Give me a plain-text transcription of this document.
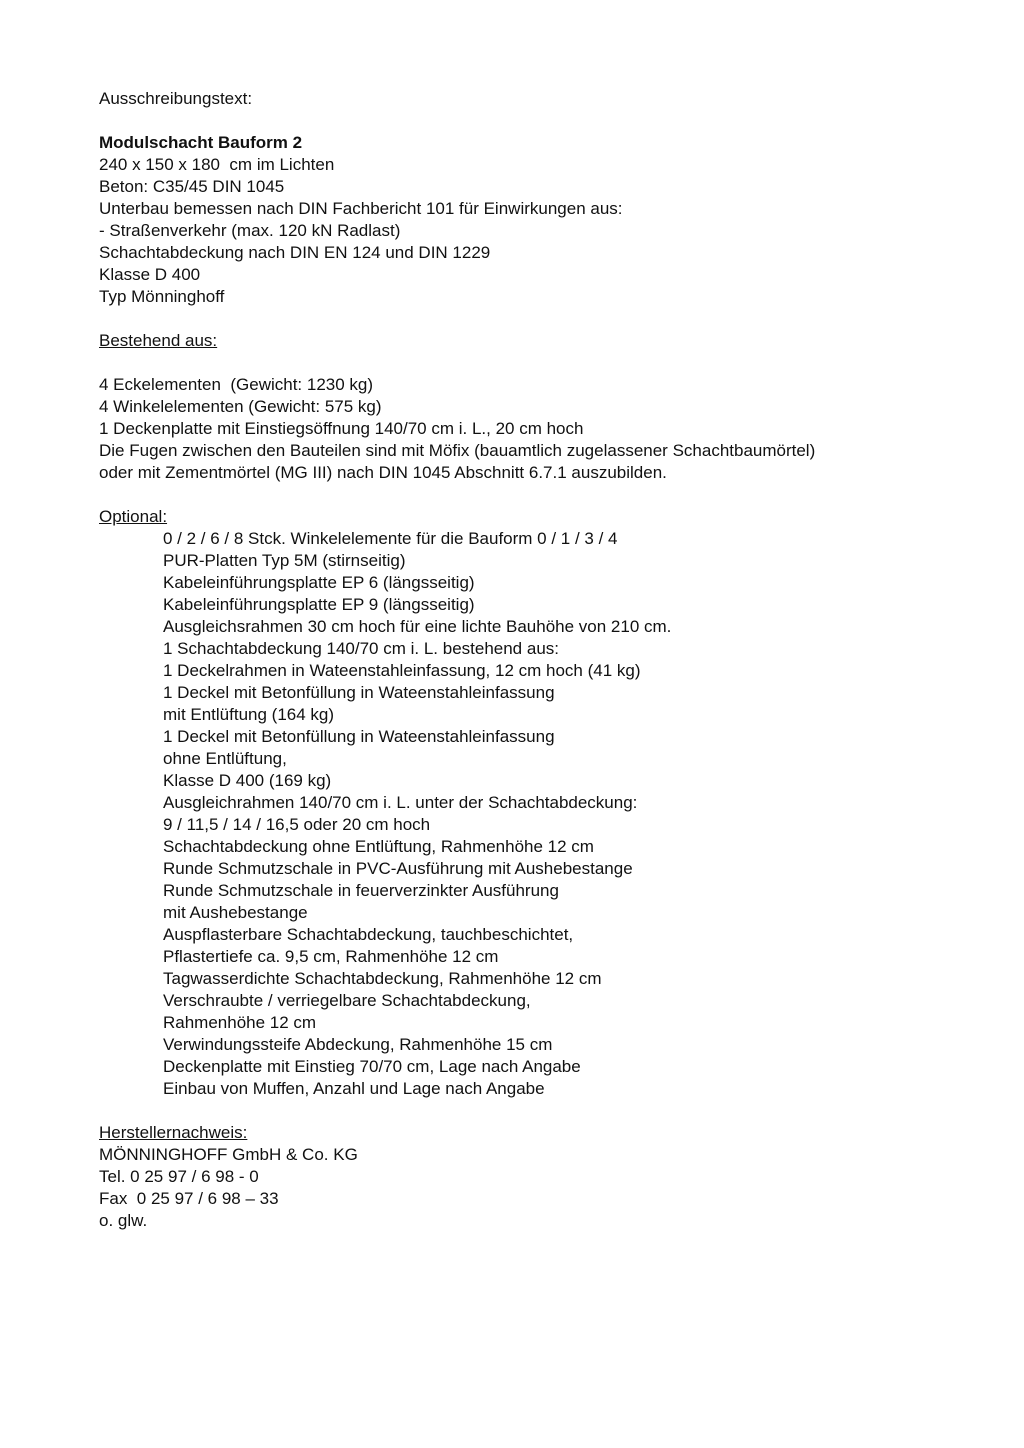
Ausschreibungstext:
Modulschacht Bauform 2
240 x 150 x 180  cm im Lichten
Beton: C35/45 DIN 1045
Unterbau bemessen nach DIN Fachbericht 101 für Einwirkungen aus:
- Straßenverkehr (max. 120 kN Radlast)
Schachtabdeckung nach DIN EN 124 und DIN 1229
Klasse D 400
Typ Mönninghoff
Bestehend aus:
4 Eckelementen  (Gewicht: 1230 kg)
4 Winkelelementen (Gewicht: 575 kg)
1 Deckenplatte mit Einstiegsöffnung 140/70 cm i. L., 20 cm hoch
Die Fugen zwischen den Bauteilen sind mit Möfix (bauamtlich zugelassener Schachtbaumörtel)
oder mit Zementmörtel (MG III) nach DIN 1045 Abschnitt 6.7.1 auszubilden.
Optional:
0 / 2 / 6 / 8 Stck. Winkelelemente für die Bauform 0 / 1 / 3 / 4
PUR-Platten Typ 5M (stirnseitig)
Kabeleinführungsplatte EP 6 (längsseitig)
Kabeleinführungsplatte EP 9 (längsseitig)
Ausgleichsrahmen 30 cm hoch für eine lichte Bauhöhe von 210 cm.
1 Schachtabdeckung 140/70 cm i. L. bestehend aus:
1 Deckelrahmen in Wateenstahleinfassung, 12 cm hoch (41 kg)
1 Deckel mit Betonfüllung in Wateenstahleinfassung
mit Entlüftung (164 kg)
1 Deckel mit Betonfüllung in Wateenstahleinfassung
ohne Entlüftung,
Klasse D 400 (169 kg)
Ausgleichrahmen 140/70 cm i. L. unter der Schachtabdeckung:
9 / 11,5 / 14 / 16,5 oder 20 cm hoch
Schachtabdeckung ohne Entlüftung, Rahmenhöhe 12 cm
Runde Schmutzschale in PVC-Ausführung mit Aushebestange
Runde Schmutzschale in feuerverzinkter Ausführung
mit Aushebestange
Auspflasterbare Schachtabdeckung, tauchbeschichtet,
Pflastertiefe ca. 9,5 cm, Rahmenhöhe 12 cm
Tagwasserdichte Schachtabdeckung, Rahmenhöhe 12 cm
Verschraubte / verriegelbare Schachtabdeckung,
Rahmenhöhe 12 cm
Verwindungssteife Abdeckung, Rahmenhöhe 15 cm
Deckenplatte mit Einstieg 70/70 cm, Lage nach Angabe
Einbau von Muffen, Anzahl und Lage nach Angabe
Herstellernachweis:
MÖNNINGHOFF GmbH & Co. KG
Tel. 0 25 97 / 6 98 - 0
Fax  0 25 97 / 6 98 – 33
o. glw.
